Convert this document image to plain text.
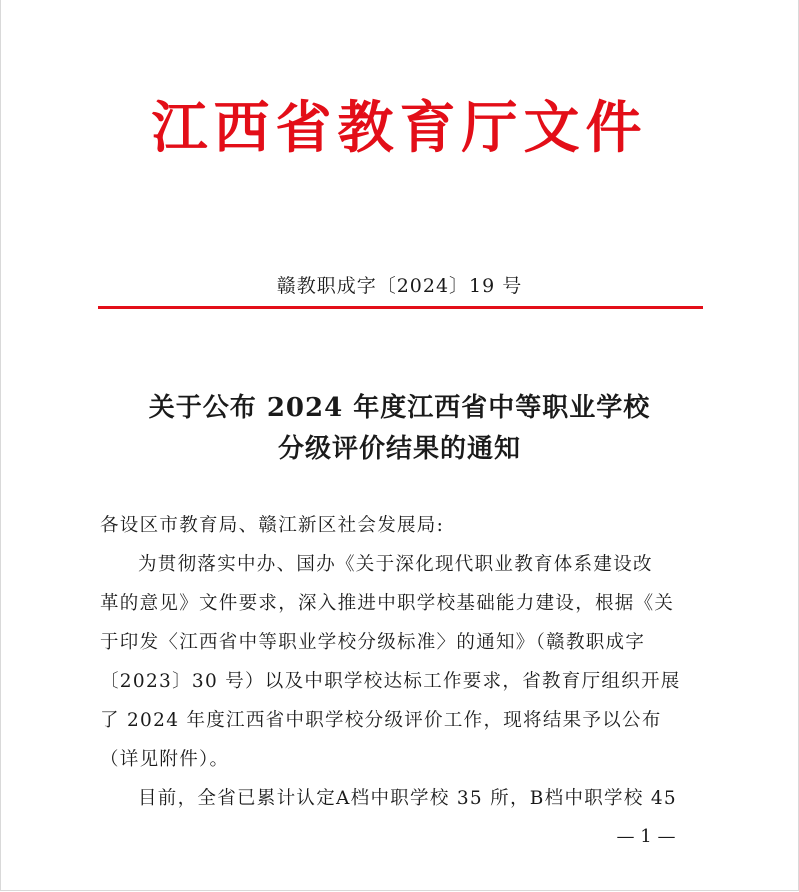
江西省教育厅文件
赣教职成字〔2024〕19 号
关于公布 2024 年度江西省中等职业学校
分级评价结果的通知
各设区市教育局、赣江新区社会发展局:
为贯彻落实中办、国办《关于深化现代职业教育体系建设改
革的意见》文件要求，深入推进中职学校基础能力建设，根据《关
于印发〈江西省中等职业学校分级标准〉的通知》（赣教职成字
〔2023〕30 号）以及中职学校达标工作要求，省教育厅组织开展
了 2024 年度江西省中职学校分级评价工作，现将结果予以公布
（详见附件）。
目前，全省已累计认定A档中职学校 35 所，B档中职学校 45
— 1 —
